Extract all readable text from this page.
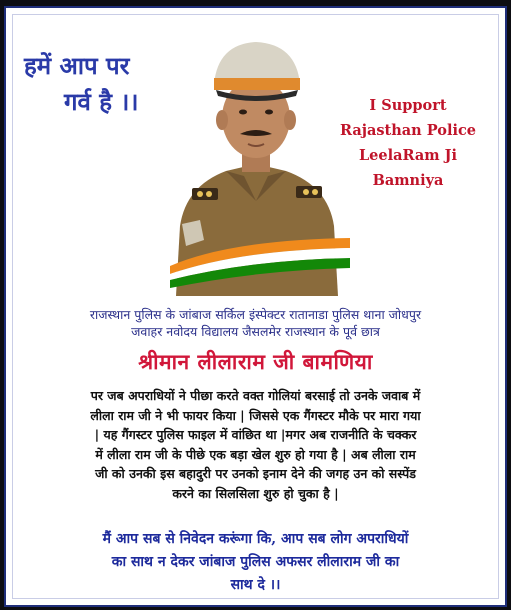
हमें आप पर
गर्व है ।।	I Support
Rajasthan Police
LeelaRam Ji
Bamniya
राजस्थान पुलिस के जांबाज सर्किल इंस्पेक्टर रातानाडा पुलिस थाना जोधपुर
जवाहर नवोदय विद्यालय जैसलमेर राजस्थान के पूर्व छात्र
श्रीमान लीलाराम जी बामणिया
पर जब अपराधियों ने पीछा करते वक्त गोलियां बरसाई तो उनके जवाब में
लीला राम जी ने भी फायर किया | जिससे एक गैंगस्टर मौके पर मारा गया
| यह गैंगस्टर पुलिस फाइल में वांछित था |मगर अब राजनीति के चक्कर
में लीला राम जी के पीछे एक बड़ा खेल शुरु हो गया है | अब लीला राम
जी को उनकी इस बहादुरी पर उनको इनाम देने की जगह उन को सस्पेंड
करने का सिलसिला शुरु हो चुका है |
मैं आप सब से निवेदन करूंगा कि, आप सब लोग अपराधियों
का साथ न देकर जांबाज पुलिस अफसर लीलाराम जी का
साथ दे ।।
